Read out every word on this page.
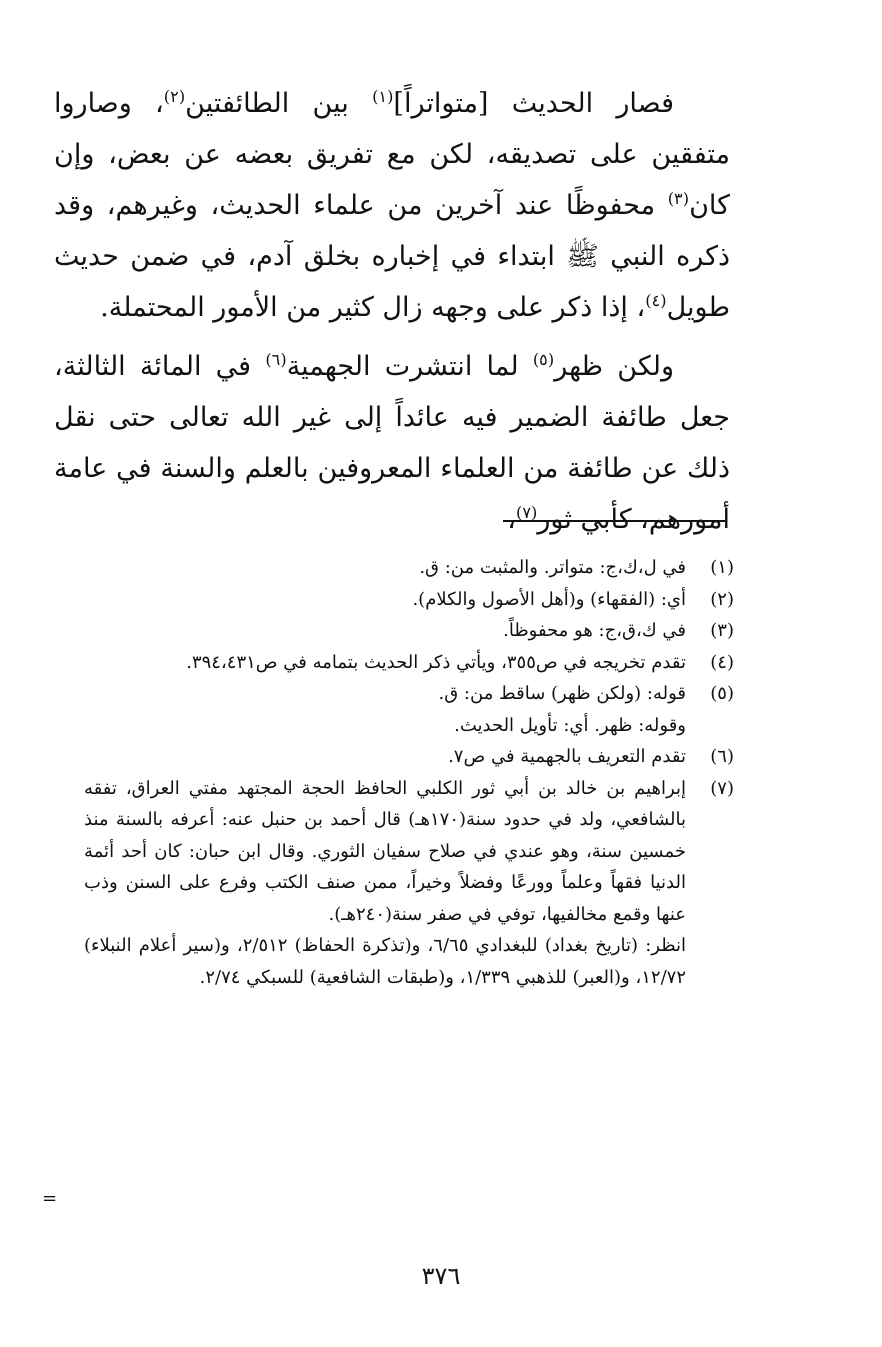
فصار الحديث [متواتراً]$^{(١)}$ بين الطائفتين$^{(٢)}$، وصاروا متفقين على تصديقه، لكن مع تفريق بعضه عن بعض، وإن كان$^{(٣)}$ محفوظًا عند آخرين من علماء الحديث، وغيرهم، وقد ذكره النبي ﷺ ابتداء في إخباره بخلق آدم، في ضمن حديث طويل$^{(٤)}$، إذا ذكر على وجهه زال كثير من الأمور المحتملة.

ولكن ظهر$^{(٥)}$ لما انتشرت الجهمية$^{(٦)}$ في المائة الثالثة، جعل طائفة الضمير فيه عائداً إلى غير الله تعالى حتى نقل ذلك عن طائفة من العلماء المعروفين بالعلم والسنة في عامة أمورهم، كأبي ثور$^{(٧)}$،

(١)

في ل،ك،ج: متواتر. والمثبت من: ق.

(٢)

أي: (الفقهاء) و(أهل الأصول والكلام).

(٣)

في ك،ق،ج: هو محفوظاً.

(٤)

تقدم تخريجه في ص٣٥٥، ويأتي ذكر الحديث بتمامه في ص٣٩٤،٤٣١.

(٥)

قوله: (ولكن ظهر) ساقط من: ق.

وقوله: ظهر. أي: تأويل الحديث.

(٦)

تقدم التعريف بالجهمية في ص٧.

(٧)

إبراهيم بن خالد بن أبي ثور الكلبي الحافظ الحجة المجتهد مفتي العراق، تفقه بالشافعي، ولد في حدود سنة(١٧٠هـ) قال أحمد بن حنبل عنه: أعرفه بالسنة منذ خمسين سنة، وهو عندي في صلاح سفيان الثوري. وقال ابن حبان: كان أحد أئمة الدنيا فقهاً وعلماً وورعًا وفضلاً وخيراً، ممن صنف الكتب وفرع على السنن وذب عنها وقمع مخالفيها، توفي في صفر سنة(٢٤٠هـ).

انظر: (تاريخ بغداد) للبغدادي ٦/٦٥، و(تذكرة الحفاظ) ٢/٥١٢، و(سير أعلام النبلاء) ١٢/٧٢، و(العبر) للذهبي ١/٣٣٩، و(طبقات الشافعية) للسبكي ٢/٧٤.

=
٣٧٦
